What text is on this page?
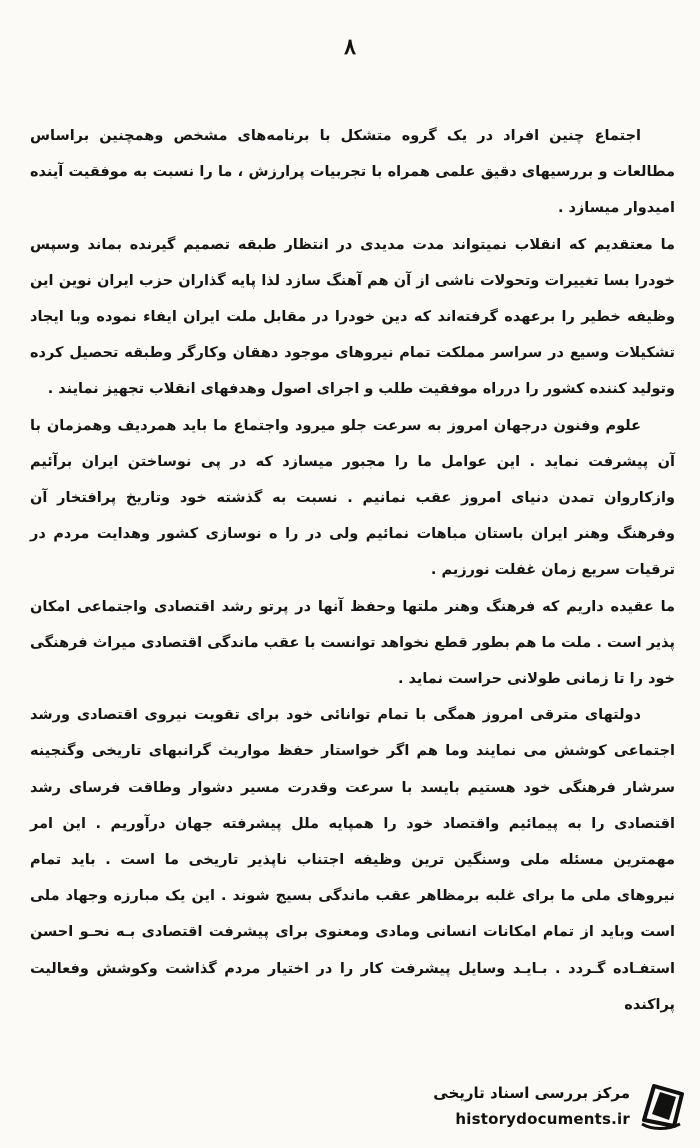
۸

اجتماع چنین افراد در یک گروه متشکل با برنامه‌های مشخص وهمچنین براساس مطالعات و بررسیهای دقیق علمی همراه با تجربیات پرارزش ، ما را نسبت به موفقیت آینده امیدوار میسازد .

ما معتقدیم که انقلاب نمیتواند مدت مدیدی در انتظار طبقه تصمیم گیرنده بماند وسپس خودرا بسا تغییرات وتحولات ناشی از آن هم آهنگ سازد لذا پایه گذاران حزب ایران نوین این وظیفه خطیر را برعهده گرفته‌اند که دین خودرا در مقابل ملت ایران ایفاء نموده وبا ایجاد تشکیلات وسیع در سراسر مملکت تمام نیروهای موجود دهقان وکارگر وطبقه تحصیل کرده وتولید کننده کشور را درراه موفقیت طلب و اجرای اصول وهدفهای انقلاب تجهیز نمایند .

علوم وفنون درجهان امروز به سرعت جلو میرود واجتماع ما باید همردیف وهمزمان با آن پیشرفت نماید . این عوامل ما را مجبور میسازد که در پی نوساختن ایران برآئیم وازکاروان تمدن دنیای امروز عقب نمانیم . نسبت به گذشته خود وتاریخ پرافتخار آن وفرهنگ وهنر ایران باستان مباهات نمائیم ولی در را ه نوسازی کشور وهدایت مردم در ترقیات سریع زمان غفلت نورزیم .

ما عقیده داریم که فرهنگ وهنر ملتها وحفظ آنها در پرتو رشد اقتصادی واجتماعی امکان پذیر است . ملت ما هم بطور قطع نخواهد توانست با عقب ماندگی اقتصادی میراث فرهنگی خود را تا زمانی طولانی حراست نماید .

دولتهای مترقی امروز همگی با تمام توانائی خود برای تقویت نیروی اقتصادی ورشد اجتماعی کوشش می نمایند وما هم اگر خواستار حفظ مواریث گرانبهای تاریخی وگنجینه سرشار فرهنگی خود هستیم بایسد با سرعت وقدرت مسیر دشوار وطاقت فرسای رشد اقتصادی را به پیمائیم واقتصاد خود را همپایه ملل پیشرفته جهان درآوریم . این امر مهمترین مسئله ملی وسنگین ترین وظیفه اجتناب ناپذیر تاریخی ما است . باید تمام نیروهای ملی ما برای غلبه برمظاهر عقب ماندگی بسیج شوند . این یک مبارزه وجهاد ملی است وباید از تمام امکانات انسانی ومادی ومعنوی برای پیشرفت اقتصادی بـه نحـو احسن استفـاده گـردد . بـایـد وسایل پیشرفت کار را در اختیار مردم گذاشت وکوشش وفعالیت پراکنده

مرکز بررسی اسناد تاریخی
historydocuments.ir
